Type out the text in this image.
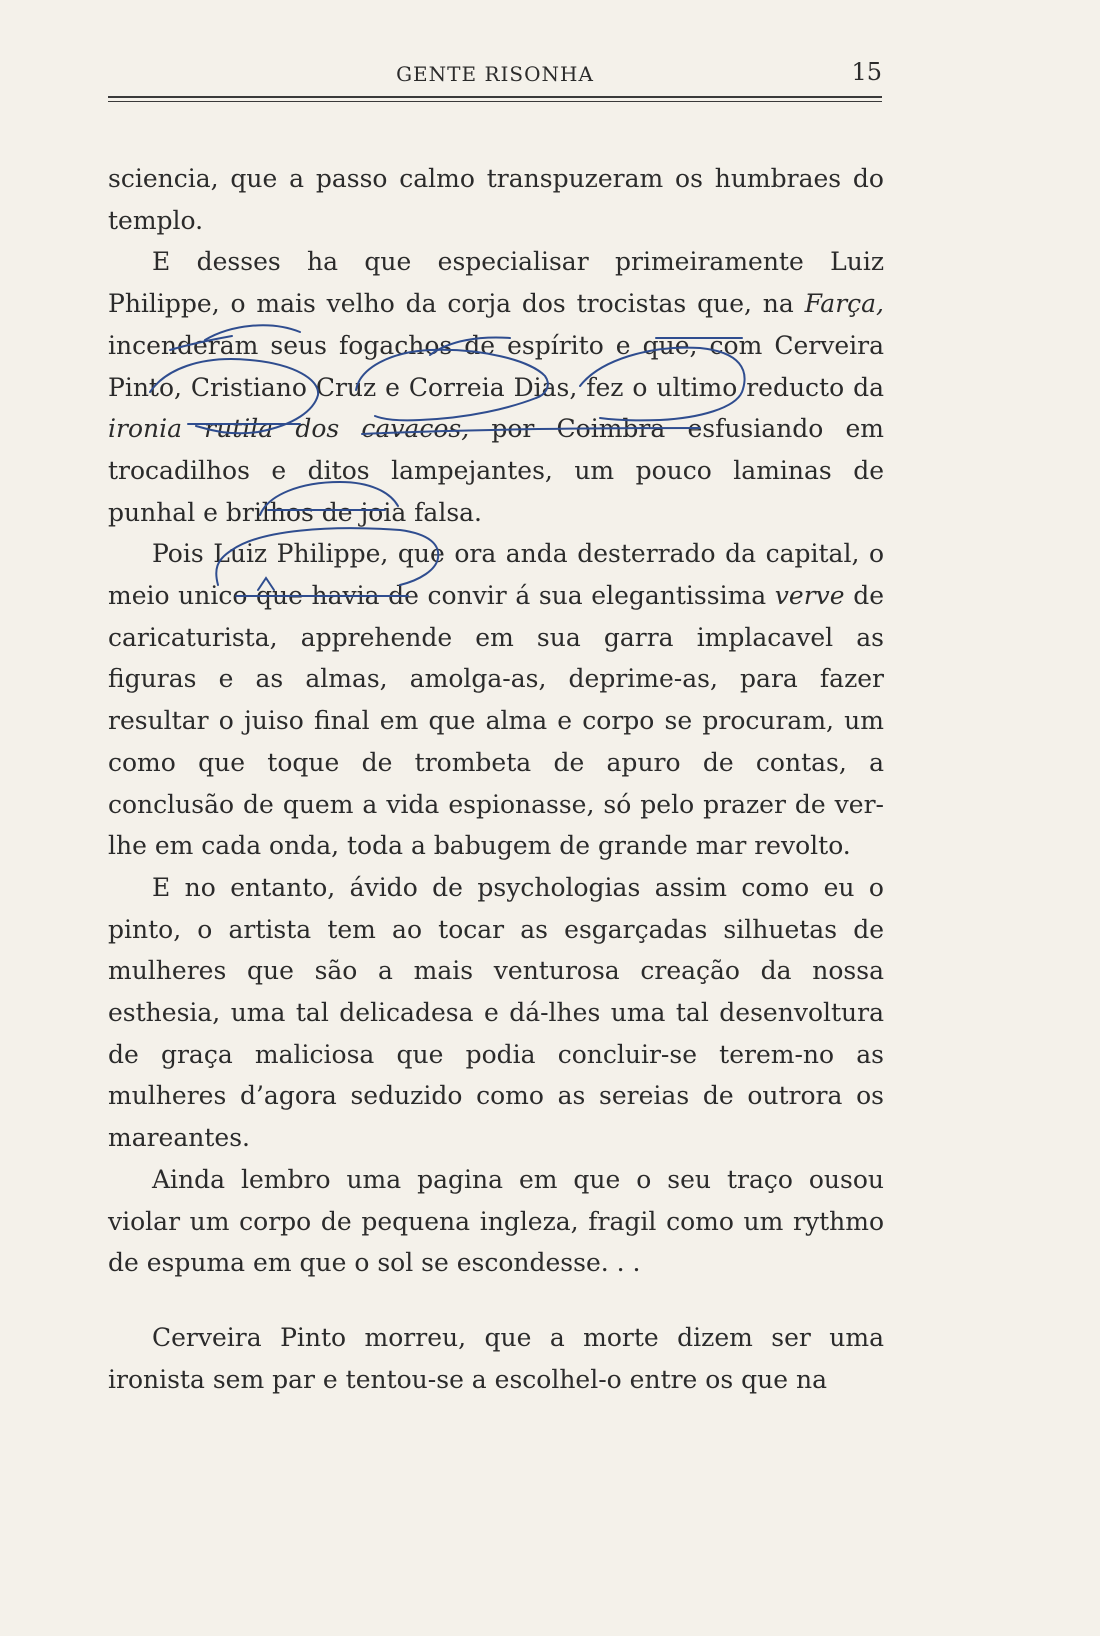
GENTE RISONHA	15

sciencia, que a passo calmo transpuzeram os humbraes do templo.

E desses ha que especialisar primeiramente Luiz Philippe, o mais velho da corja dos trocistas que, na Farça, incenderam seus fogachos de espírito e que, com Cerveira Pinto, Cristiano Cruz e Correia Dias, fez o ultimo reducto da ironia rutila dos cavacos, por Coimbra esfusiando em trocadilhos e ditos lampejantes, um pouco laminas de punhal e brilhos de joia falsa.

Pois Luiz Philippe, que ora anda desterrado da capital, o meio unico que havia de convir á sua elegantissima verve de caricaturista, apprehende em sua garra implacavel as figuras e as almas, amolga-as, deprime-as, para fazer resultar o juiso final em que alma e corpo se procuram, um como que toque de trombeta de apuro de contas, a conclusão de quem a vida espionasse, só pelo prazer de ver-lhe em cada onda, toda a babugem de grande mar revolto.

E no entanto, ávido de psychologias assim como eu o pinto, o artista tem ao tocar as esgarçadas silhuetas de mulheres que são a mais venturosa creação da nossa esthesia, uma tal delicadesa e dá-lhes uma tal desenvoltura de graça maliciosa que podia concluir-se terem-no as mulheres d’agora seduzido como as sereias de outrora os mareantes.

Ainda lembro uma pagina em que o seu traço ousou violar um corpo de pequena ingleza, fragil como um rythmo de espuma em que o sol se escondesse. . .

Cerveira Pinto morreu, que a morte dizem ser uma ironista sem par e tentou-se a escolhel-o entre os que na
